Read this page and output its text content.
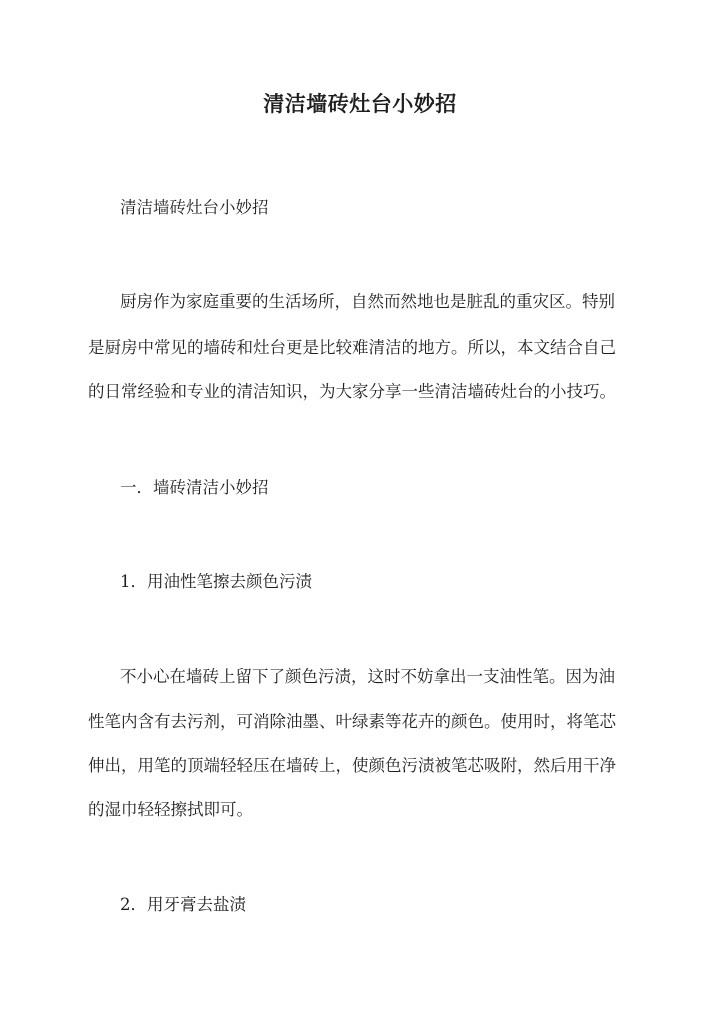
清洁墙砖灶台小妙招
清洁墙砖灶台小妙招
厨房作为家庭重要的生活场所，自然而然地也是脏乱的重灾区。特别
是厨房中常见的墙砖和灶台更是比较难清洁的地方。所以，本文结合自己
的日常经验和专业的清洁知识，为大家分享一些清洁墙砖灶台的小技巧。
一．墙砖清洁小妙招
1．用油性笔擦去颜色污渍
不小心在墙砖上留下了颜色污渍，这时不妨拿出一支油性笔。因为油
性笔内含有去污剂，可消除油墨、叶绿素等花卉的颜色。使用时，将笔芯
伸出，用笔的顶端轻轻压在墙砖上，使颜色污渍被笔芯吸附，然后用干净
的湿巾轻轻擦拭即可。
2．用牙膏去盐渍
